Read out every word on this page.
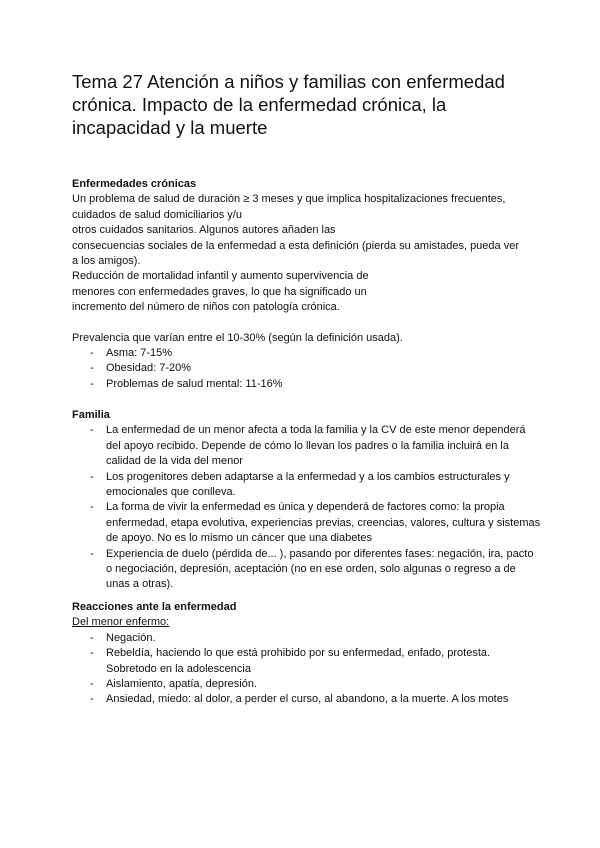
Tema 27 Atención a niños y familias con enfermedad crónica. Impacto de la enfermedad crónica, la incapacidad y la muerte

Enfermedades crónicas

Un problema de salud de duración ≥ 3 meses y que implica hospitalizaciones frecuentes,

cuidados de salud domiciliarios y/u

otros cuidados sanitarios. Algunos autores añaden las

consecuencias sociales de la enfermedad a esta definición (pierda su amistades, pueda ver

a los amigos).

Reducción de mortalidad infantil y aumento supervivencia de

menores con enfermedades graves, lo que ha significado un

incremento del número de niños con patología crónica.

Prevalencia que varían entre el 10-30% (según la definición usada).

- Asma: 7-15%
- Obesidad: 7-20%
- Problemas de salud mental: 11-16%

Familia

- La enfermedad de un menor afecta a toda la familia y la CV de este menor dependerá del apoyo recibido. Depende de cómo lo llevan los padres o la familia incluirá en la calidad de la vida del menor
- Los progenitores deben adaptarse a la enfermedad y a los cambios estructurales y emocionales que conlleva.
- La forma de vivir la enfermedad es única y dependerá de factores como: la propia enfermedad, etapa evolutiva, experiencias previas, creencias, valores, cultura y sistemas de apoyo. No es lo mismo un cáncer que una diabetes
- Experiencia de duelo (pérdida de... ), pasando por diferentes fases: negación, ira, pacto o negociación, depresión, aceptación (no en ese orden, solo algunas o regreso a de unas a otras).

Reacciones ante la enfermedad

Del menor enfermo:

- Negación.
- Rebeldía, haciendo lo que está prohibido por su enfermedad, enfado, protesta. Sobretodo en la adolescencia
- Aislamiento, apatía, depresión.
- Ansiedad, miedo: al dolor, a perder el curso, al abandono, a la muerte. A los motes
